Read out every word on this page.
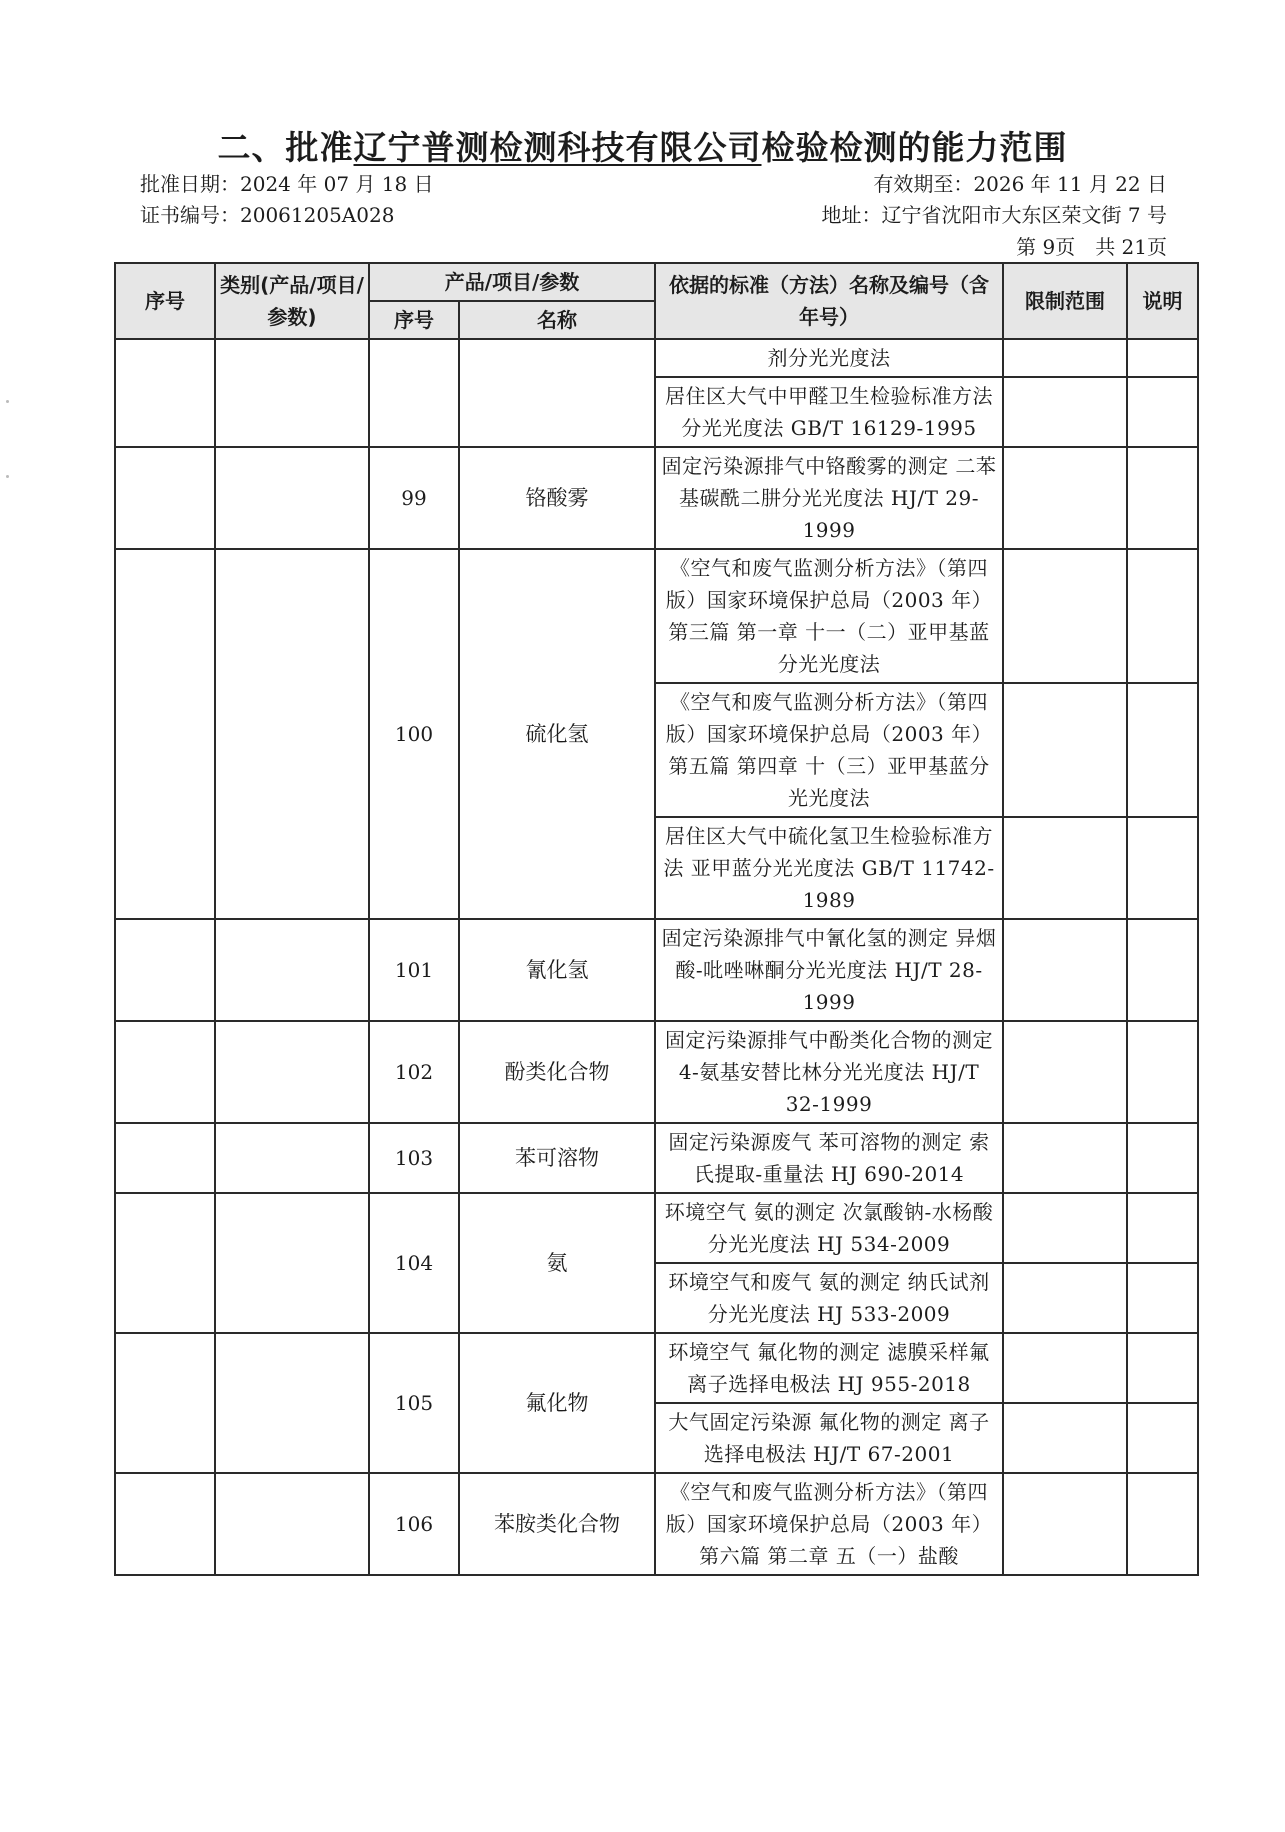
二、批准辽宁普测检测科技有限公司检验检测的能力范围
批准日期：2024 年 07 月 18 日	有效期至：2026 年 11 月 22 日
证书编号：20061205A028	地址：辽宁省沈阳市大东区荣文街 7 号
第 9页　共 21页
序号	类别(产品/项目/参数)	产品/项目/参数		依据的标准（方法）名称及编号（含年号）	限制范围	说明
		序号	名称			
				剂分光光度法		
				居住区大气中甲醛卫生检验标准方法 分光光度法 GB/T 16129-1995		
		99	铬酸雾	固定污染源排气中铬酸雾的测定 二苯基碳酰二肼分光光度法 HJ/T 29-1999		
		100	硫化氢	《空气和废气监测分析方法》（第四版）国家环境保护总局（2003 年）第三篇 第一章 十一（二）亚甲基蓝分光光度法		
				《空气和废气监测分析方法》（第四版）国家环境保护总局（2003 年）第五篇 第四章 十（三）亚甲基蓝分光光度法		
				居住区大气中硫化氢卫生检验标准方法 亚甲蓝分光光度法 GB/T 11742-1989		
		101	氰化氢	固定污染源排气中氰化氢的测定 异烟酸-吡唑啉酮分光光度法 HJ/T 28-1999		
		102	酚类化合物	固定污染源排气中酚类化合物的测定 4-氨基安替比林分光光度法 HJ/T 32-1999		
		103	苯可溶物	固定污染源废气 苯可溶物的测定 索氏提取-重量法 HJ 690-2014		
		104	氨	环境空气 氨的测定 次氯酸钠-水杨酸分光光度法 HJ 534-2009		
				环境空气和废气 氨的测定 纳氏试剂分光光度法 HJ 533-2009		
		105	氟化物	环境空气 氟化物的测定 滤膜采样氟离子选择电极法 HJ 955-2018		
				大气固定污染源 氟化物的测定 离子选择电极法 HJ/T 67-2001		
		106	苯胺类化合物	《空气和废气监测分析方法》（第四版）国家环境保护总局（2003 年）第六篇 第二章 五（一）盐酸		
